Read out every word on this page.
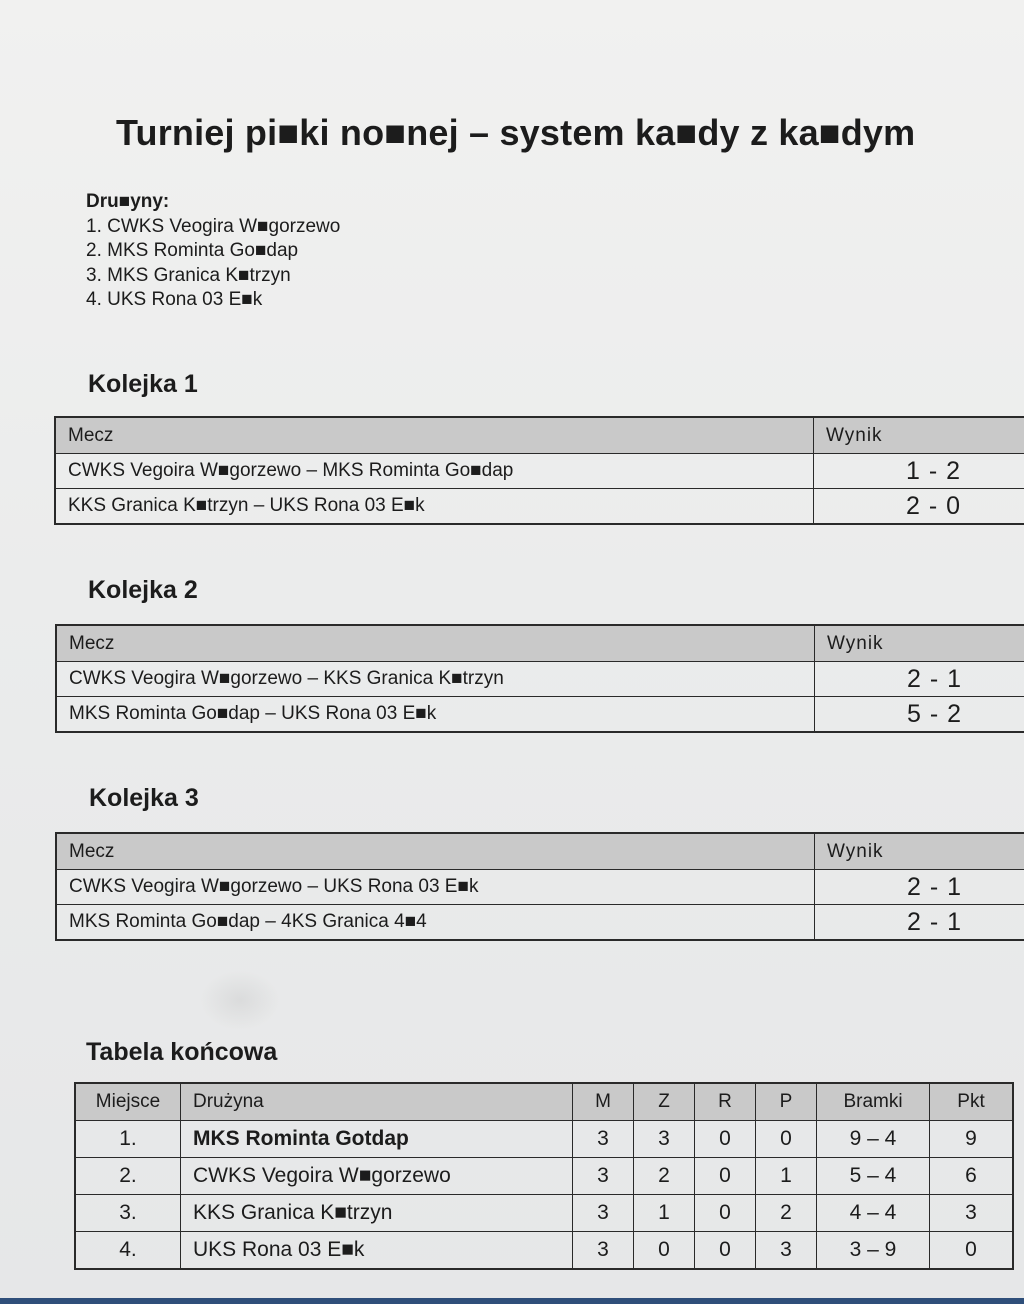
Turniej pi■ki no■nej – system ka■dy z ka■dym
Dru■yny:
1. CWKS Veogira W■gorzewo
2. MKS Rominta Go■dap
3. MKS Granica K■trzyn
4. UKS Rona 03 E■k
Kolejka 1
Mecz	Wynik
CWKS Vegoira W■gorzewo – MKS Rominta Go■dap	1 - 2
KKS Granica K■trzyn – UKS Rona 03 E■k	2 - 0
Kolejka 2
Mecz	Wynik
CWKS Veogira W■gorzewo – KKS Granica K■trzyn	2 - 1
MKS Rominta Go■dap – UKS Rona 03 E■k	5 - 2
Kolejka 3
Mecz	Wynik
CWKS Veogira W■gorzewo – UKS Rona 03 E■k	2 - 1
MKS Rominta Go■dap – 4KS Granica 4■4	2 - 1
Tabela końcowa
Miejsce	Drużyna	M	Z	R	P	Bramki	Pkt
1.	MKS Rominta Gotdap	3	3	0	0	9 – 4	9
2.	CWKS Vegoira W■gorzewo	3	2	0	1	5 – 4	6
3.	KKS Granica K■trzyn	3	1	0	2	4 – 4	3
4.	UKS Rona 03 E■k	3	0	0	3	3 – 9	0
